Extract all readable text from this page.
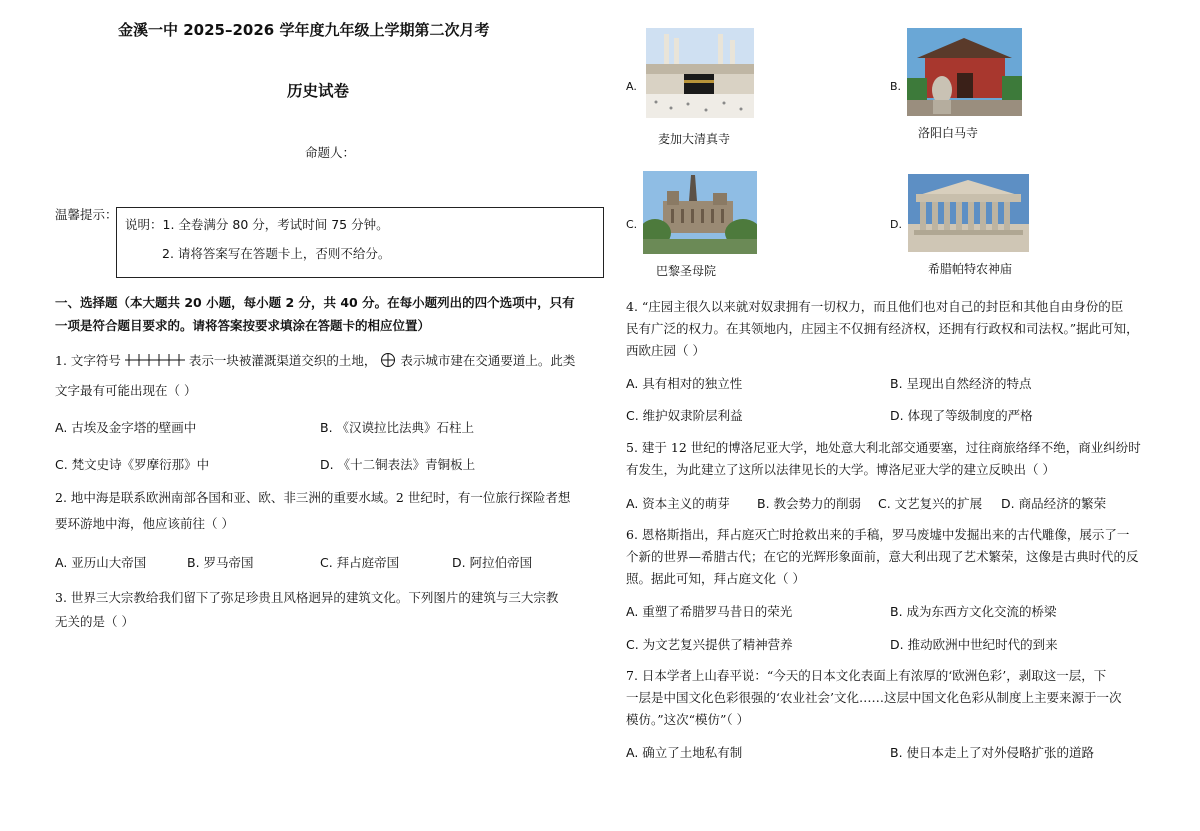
金溪一中 2025–2026 学年度九年级上学期第二次月考
历史试卷
命题人：
温馨提示：
说明：1. 全卷满分 80 分，考试时间 75 分钟。
2. 请将答案写在答题卡上，否则不给分。
一、选择题（本大题共 20 小题，每小题 2 分，共 40 分。在每小题列出的四个选项中，只有
一项是符合题目要求的。请将答案按要求填涂在答题卡的相应位置）
1. 文字符号	表示一块被灌溉渠道交织的土地， 表示城市建在交通要道上。此类
文字最有可能出现在（ ）
A. 古埃及金字塔的壁画中	B. 《汉谟拉比法典》石柱上
C. 梵文史诗《罗摩衍那》中	D. 《十二铜表法》青铜板上
2. 地中海是联系欧洲南部各国和亚、欧、非三洲的重要水域。2 世纪时，有一位旅行探险者想
要环游地中海，他应该前往（ ）
A. 亚历山大帝国	B. 罗马帝国	C. 拜占庭帝国	D. 阿拉伯帝国
3. 世界三大宗教给我们留下了弥足珍贵且风格迥异的建筑文化。下列图片的建筑与三大宗教
无关的是（ ）
A.
麦加大清真寺
B.
洛阳白马寺
C.
巴黎圣母院
D.
希腊帕特农神庙
4. “庄园主很久以来就对奴隶拥有一切权力，而且他们也对自己的封臣和其他自由身份的臣
民有广泛的权力。在其领地内，庄园主不仅拥有经济权，还拥有行政权和司法权。”据此可知，
西欧庄园（ ）
A. 具有相对的独立性	B. 呈现出自然经济的特点
C. 维护奴隶阶层利益	D. 体现了等级制度的严格
5. 建于 12 世纪的博洛尼亚大学，地处意大利北部交通要塞，过往商旅络绎不绝，商业纠纷时
有发生，为此建立了这所以法律见长的大学。博洛尼亚大学的建立反映出（ ）
A. 资本主义的萌芽 B. 教会势力的削弱 C. 文艺复兴的扩展 D. 商品经济的繁荣
6. 恩格斯指出，拜占庭灭亡时抢救出来的手稿，罗马废墟中发掘出来的古代雕像，展示了一
个新的世界—希腊古代；在它的光辉形象面前，意大利出现了艺术繁荣，这像是古典时代的反
照。据此可知，拜占庭文化（ ）
A. 重塑了希腊罗马昔日的荣光	B. 成为东西方文化交流的桥梁
C. 为文艺复兴提供了精神营养	D. 推动欧洲中世纪时代的到来
7. 日本学者上山春平说：“今天的日本文化表面上有浓厚的‘欧洲色彩’，剥取这一层，下
一层是中国文化色彩很强的‘农业社会’文化……这层中国文化色彩从制度上主要来源于一次
模仿。”这次“模仿”（ ）
A. 确立了土地私有制	B. 使日本走上了对外侵略扩张的道路
